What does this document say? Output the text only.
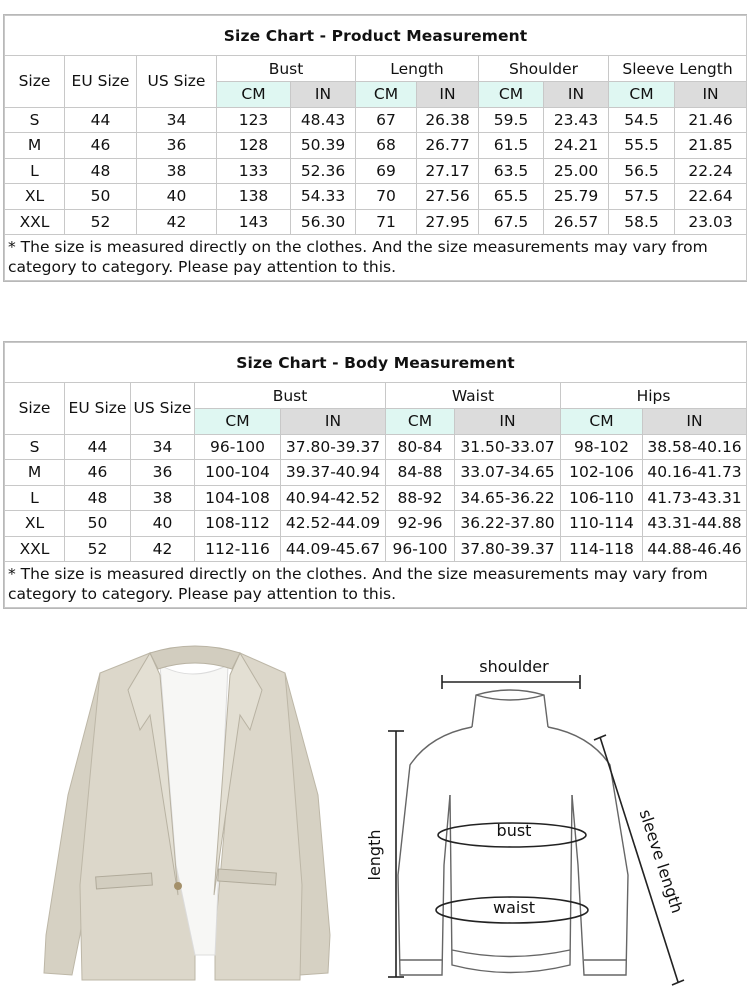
Size Chart - Product Measurement										
Size	EU Size	US Size	Bust		Length		Shoulder		Sleeve Length	
			CM	IN	CM	IN	CM	IN	CM	IN
S	44	34	123	48.43	67	26.38	59.5	23.43	54.5	21.46
M	46	36	128	50.39	68	26.77	61.5	24.21	55.5	21.85
L	48	38	133	52.36	69	27.17	63.5	25.00	56.5	22.24
XL	50	40	138	54.33	70	27.56	65.5	25.79	57.5	22.64
XXL	52	42	143	56.30	71	27.95	67.5	26.57	58.5	23.03
* The size is measured directly on the clothes. And the size measurements may vary from category to category. Please pay attention to this.										
Size Chart - Body Measurement								
Size	EU Size	US Size	Bust		Waist		Hips	
			CM	IN	CM	IN	CM	IN
S	44	34	96-100	37.80-39.37	80-84	31.50-33.07	98-102	38.58-40.16
M	46	36	100-104	39.37-40.94	84-88	33.07-34.65	102-106	40.16-41.73
L	48	38	104-108	40.94-42.52	88-92	34.65-36.22	106-110	41.73-43.31
XL	50	40	108-112	42.52-44.09	92-96	36.22-37.80	110-114	43.31-44.88
XXL	52	42	112-116	44.09-45.67	96-100	37.80-39.37	114-118	44.88-46.46
* The size is measured directly on the clothes. And the size measurements may vary from category to category. Please pay attention to this.								
shoulder
length	bust
waist	sleeve length
